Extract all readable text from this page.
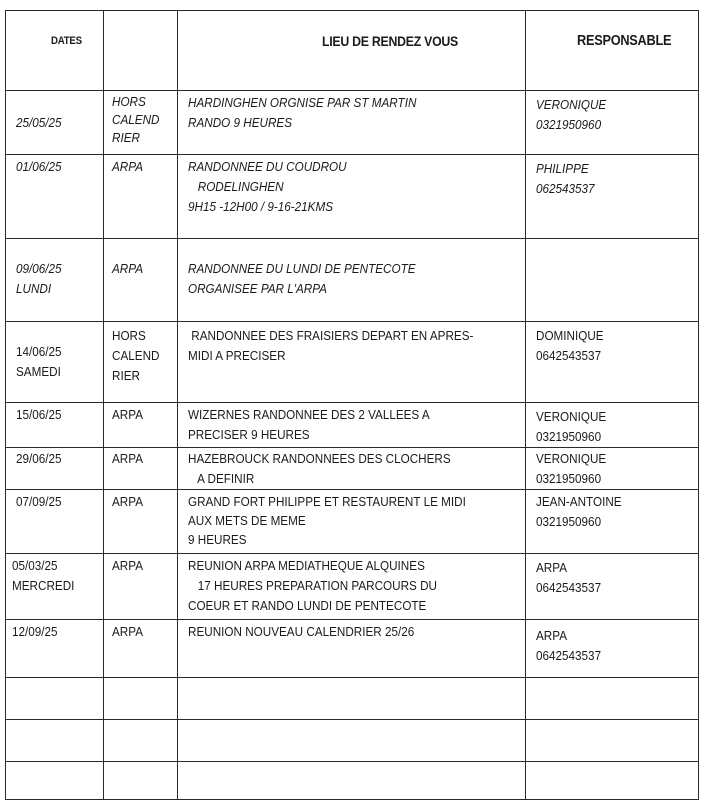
DATES		LIEU DE RENDEZ VOUS	RESPONSABLE

25/05/25	HORS
CALEND
RIER	HARDINGHEN ORGNISE PAR ST MARTIN
RANDO 9 HEURES	VERONIQUE
0321950960

01/06/25	ARPA	RANDONNEE DU COUDROU
RODELINGHEN
9H15 -12H00 / 9-16-21KMS	PHILIPPE
062543537

09/06/25
LUNDI	ARPA	RANDONNEE DU LUNDI DE PENTECOTE
ORGANISEE PAR L'ARPA	

14/06/25
SAMEDI	HORS
CALEND
RIER	RANDONNEE DES FRAISIERS DEPART EN APRES-
MIDI A PRECISER	DOMINIQUE
0642543537

15/06/25	ARPA	WIZERNES RANDONNEE DES 2 VALLEES A
PRECISER 9 HEURES	VERONIQUE
0321950960

29/06/25	ARPA	HAZEBROUCK RANDONNEES DES CLOCHERS
A DEFINIR	VERONIQUE
0321950960

07/09/25	ARPA	GRAND FORT PHILIPPE ET RESTAURENT LE MIDI
AUX METS DE MEME
9 HEURES	JEAN-ANTOINE
0321950960

05/03/25
MERCREDI	ARPA	REUNION ARPA MEDIATHEQUE ALQUINES
17 HEURES PREPARATION PARCOURS DU
COEUR ET RANDO LUNDI DE PENTECOTE	ARPA
0642543537

12/09/25	ARPA	REUNION NOUVEAU CALENDRIER 25/26	ARPA
0642543537
